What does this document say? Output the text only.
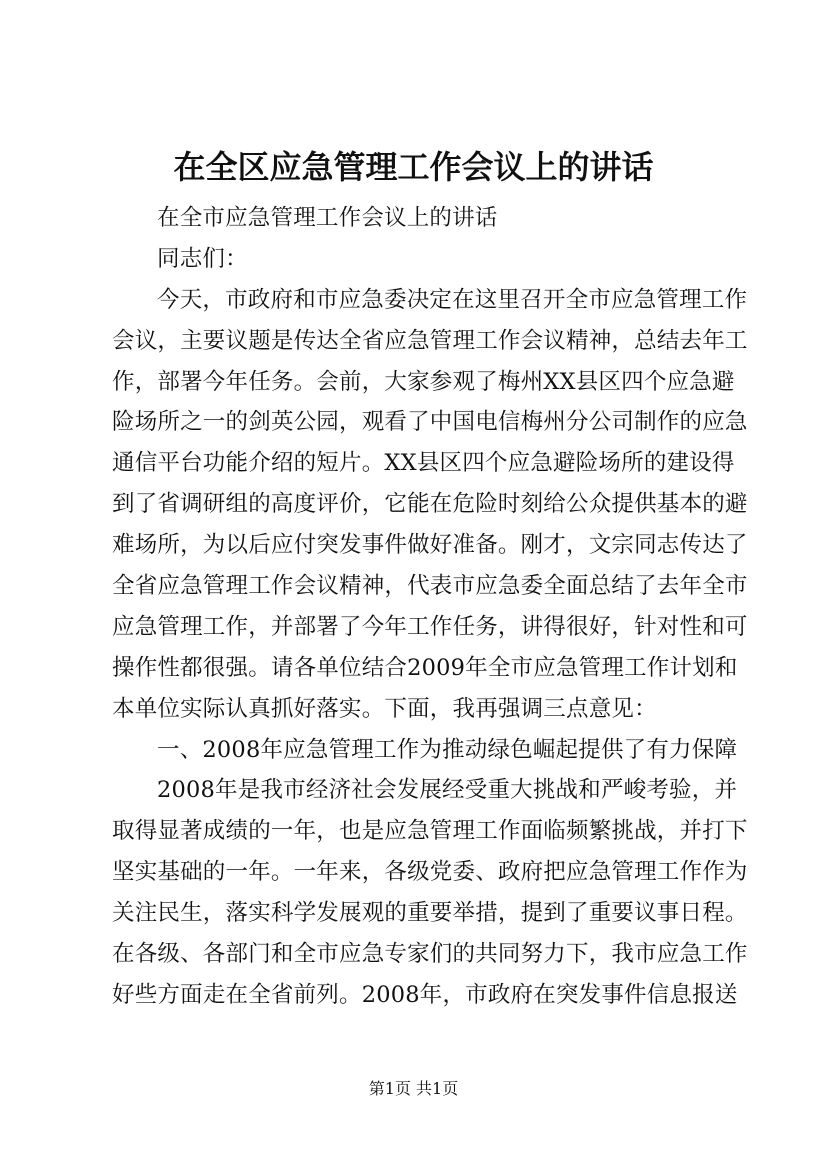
在全区应急管理工作会议上的讲话
在全市应急管理工作会议上的讲话
同志们：
今天，市政府和市应急委决定在这里召开全市应急管理工作
会议，主要议题是传达全省应急管理工作会议精神，总结去年工
作，部署今年任务。会前，大家参观了梅州XX县区四个应急避
险场所之一的剑英公园，观看了中国电信梅州分公司制作的应急
通信平台功能介绍的短片。XX县区四个应急避险场所的建设得
到了省调研组的高度评价，它能在危险时刻给公众提供基本的避
难场所，为以后应付突发事件做好准备。刚才，文宗同志传达了
全省应急管理工作会议精神，代表市应急委全面总结了去年全市
应急管理工作，并部署了今年工作任务，讲得很好，针对性和可
操作性都很强。请各单位结合2009年全市应急管理工作计划和
本单位实际认真抓好落实。下面，我再强调三点意见：
一、2008年应急管理工作为推动绿色崛起提供了有力保障
2008年是我市经济社会发展经受重大挑战和严峻考验，并
取得显著成绩的一年，也是应急管理工作面临频繁挑战，并打下
坚实基础的一年。一年来，各级党委、政府把应急管理工作作为
关注民生，落实科学发展观的重要举措，提到了重要议事日程。
在各级、各部门和全市应急专家们的共同努力下，我市应急工作
好些方面走在全省前列。2008年，市政府在突发事件信息报送
第1页 共1页
